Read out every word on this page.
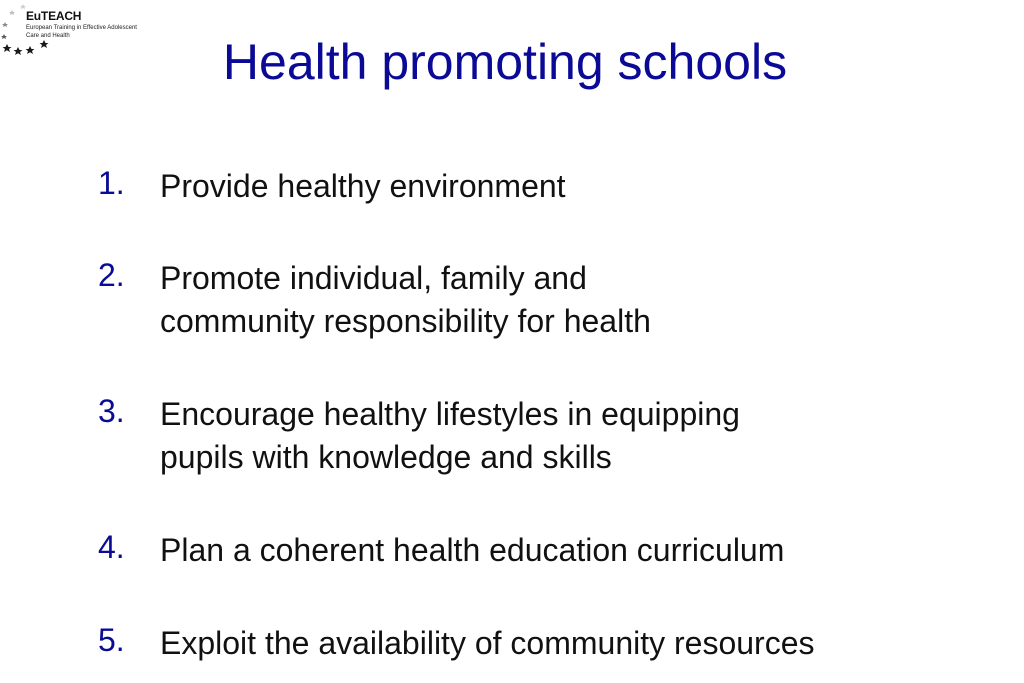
EuTEACH
European Training in Effective Adolescent Care and Health	Health promoting schools
1. Provide healthy environment
2. Promote individual, family and
community responsibility for health
3. Encourage healthy lifestyles in equipping
pupils with knowledge and skills
4. Plan a coherent health education curriculum
5. Exploit the availability of community resources
